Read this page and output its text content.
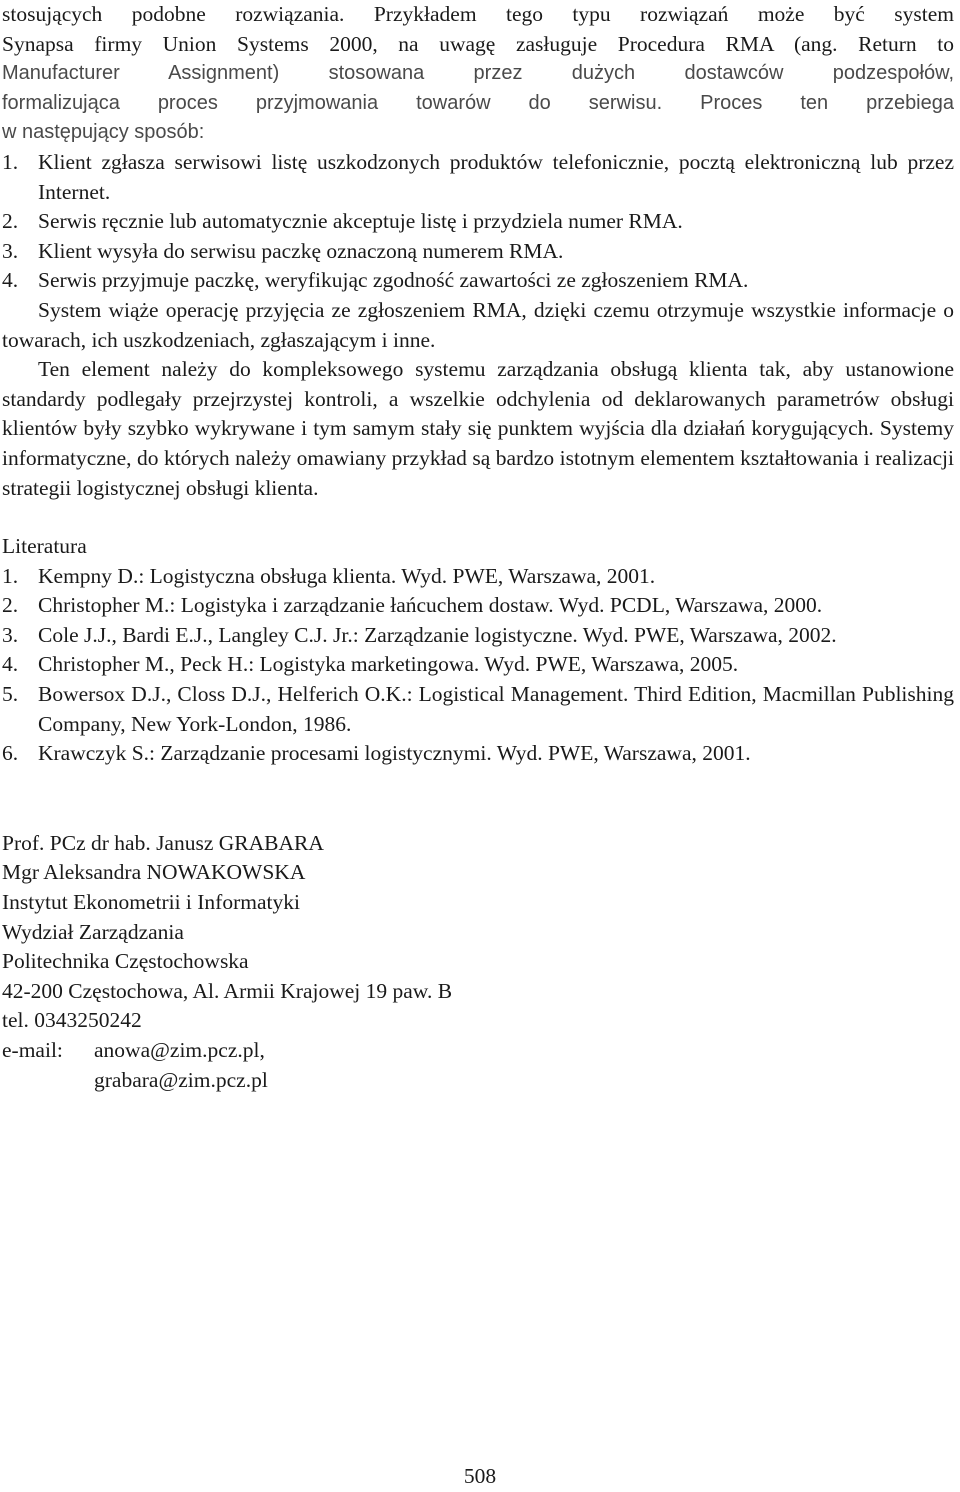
stosujących podobne rozwiązania. Przykładem tego typu rozwiązań może być system

Synapsa firmy Union Systems 2000, na uwagę zasługuje Procedura RMA (ang. Return to

Manufacturer Assignment) stosowana przez dużych dostawców podzespołów,

formalizująca proces przyjmowania towarów do serwisu. Proces ten przebiega

w następujący sposób:

1. Klient zgłasza serwisowi listę uszkodzonych produktów telefonicznie, pocztą elektroniczną lub przez Internet.

2. Serwis ręcznie lub automatycznie akceptuje listę i przydziela numer RMA.

3. Klient wysyła do serwisu paczkę oznaczoną numerem RMA.

4. Serwis przyjmuje paczkę, weryfikując zgodność zawartości ze zgłoszeniem RMA.

System wiąże operację przyjęcia ze zgłoszeniem RMA, dzięki czemu otrzymuje wszystkie informacje o towarach, ich uszkodzeniach, zgłaszającym i inne.

Ten element należy do kompleksowego systemu zarządzania obsługą klienta tak, aby ustanowione standardy podlegały przejrzystej kontroli, a wszelkie odchylenia od deklarowanych parametrów obsługi klientów były szybko wykrywane i tym samym stały się punktem wyjścia dla działań korygujących. Systemy informatyczne, do których należy omawiany przykład są bardzo istotnym elementem kształtowania i realizacji strategii logistycznej obsługi klienta.

Literatura

1. Kempny D.: Logistyczna obsługa klienta. Wyd. PWE, Warszawa, 2001.

2. Christopher M.: Logistyka i zarządzanie łańcuchem dostaw. Wyd. PCDL, Warszawa, 2000.

3. Cole J.J., Bardi E.J., Langley C.J. Jr.: Zarządzanie logistyczne. Wyd. PWE, Warszawa, 2002.

4. Christopher M., Peck H.: Logistyka marketingowa. Wyd. PWE, Warszawa, 2005.

5. Bowersox D.J., Closs D.J., Helferich O.K.: Logistical Management. Third Edition, Macmillan Publishing Company, New York-London, 1986.

6. Krawczyk S.: Zarządzanie procesami logistycznymi. Wyd. PWE, Warszawa, 2001.

Prof. PCz dr hab. Janusz GRABARA

Mgr Aleksandra NOWAKOWSKA

Instytut Ekonometrii i Informatyki

Wydział Zarządzania

Politechnika Częstochowska

42-200 Częstochowa, Al. Armii Krajowej 19 paw. B

tel. 0343250242

e-mail:	anowa@zim.pcz.pl,
grabara@zim.pcz.pl
508
